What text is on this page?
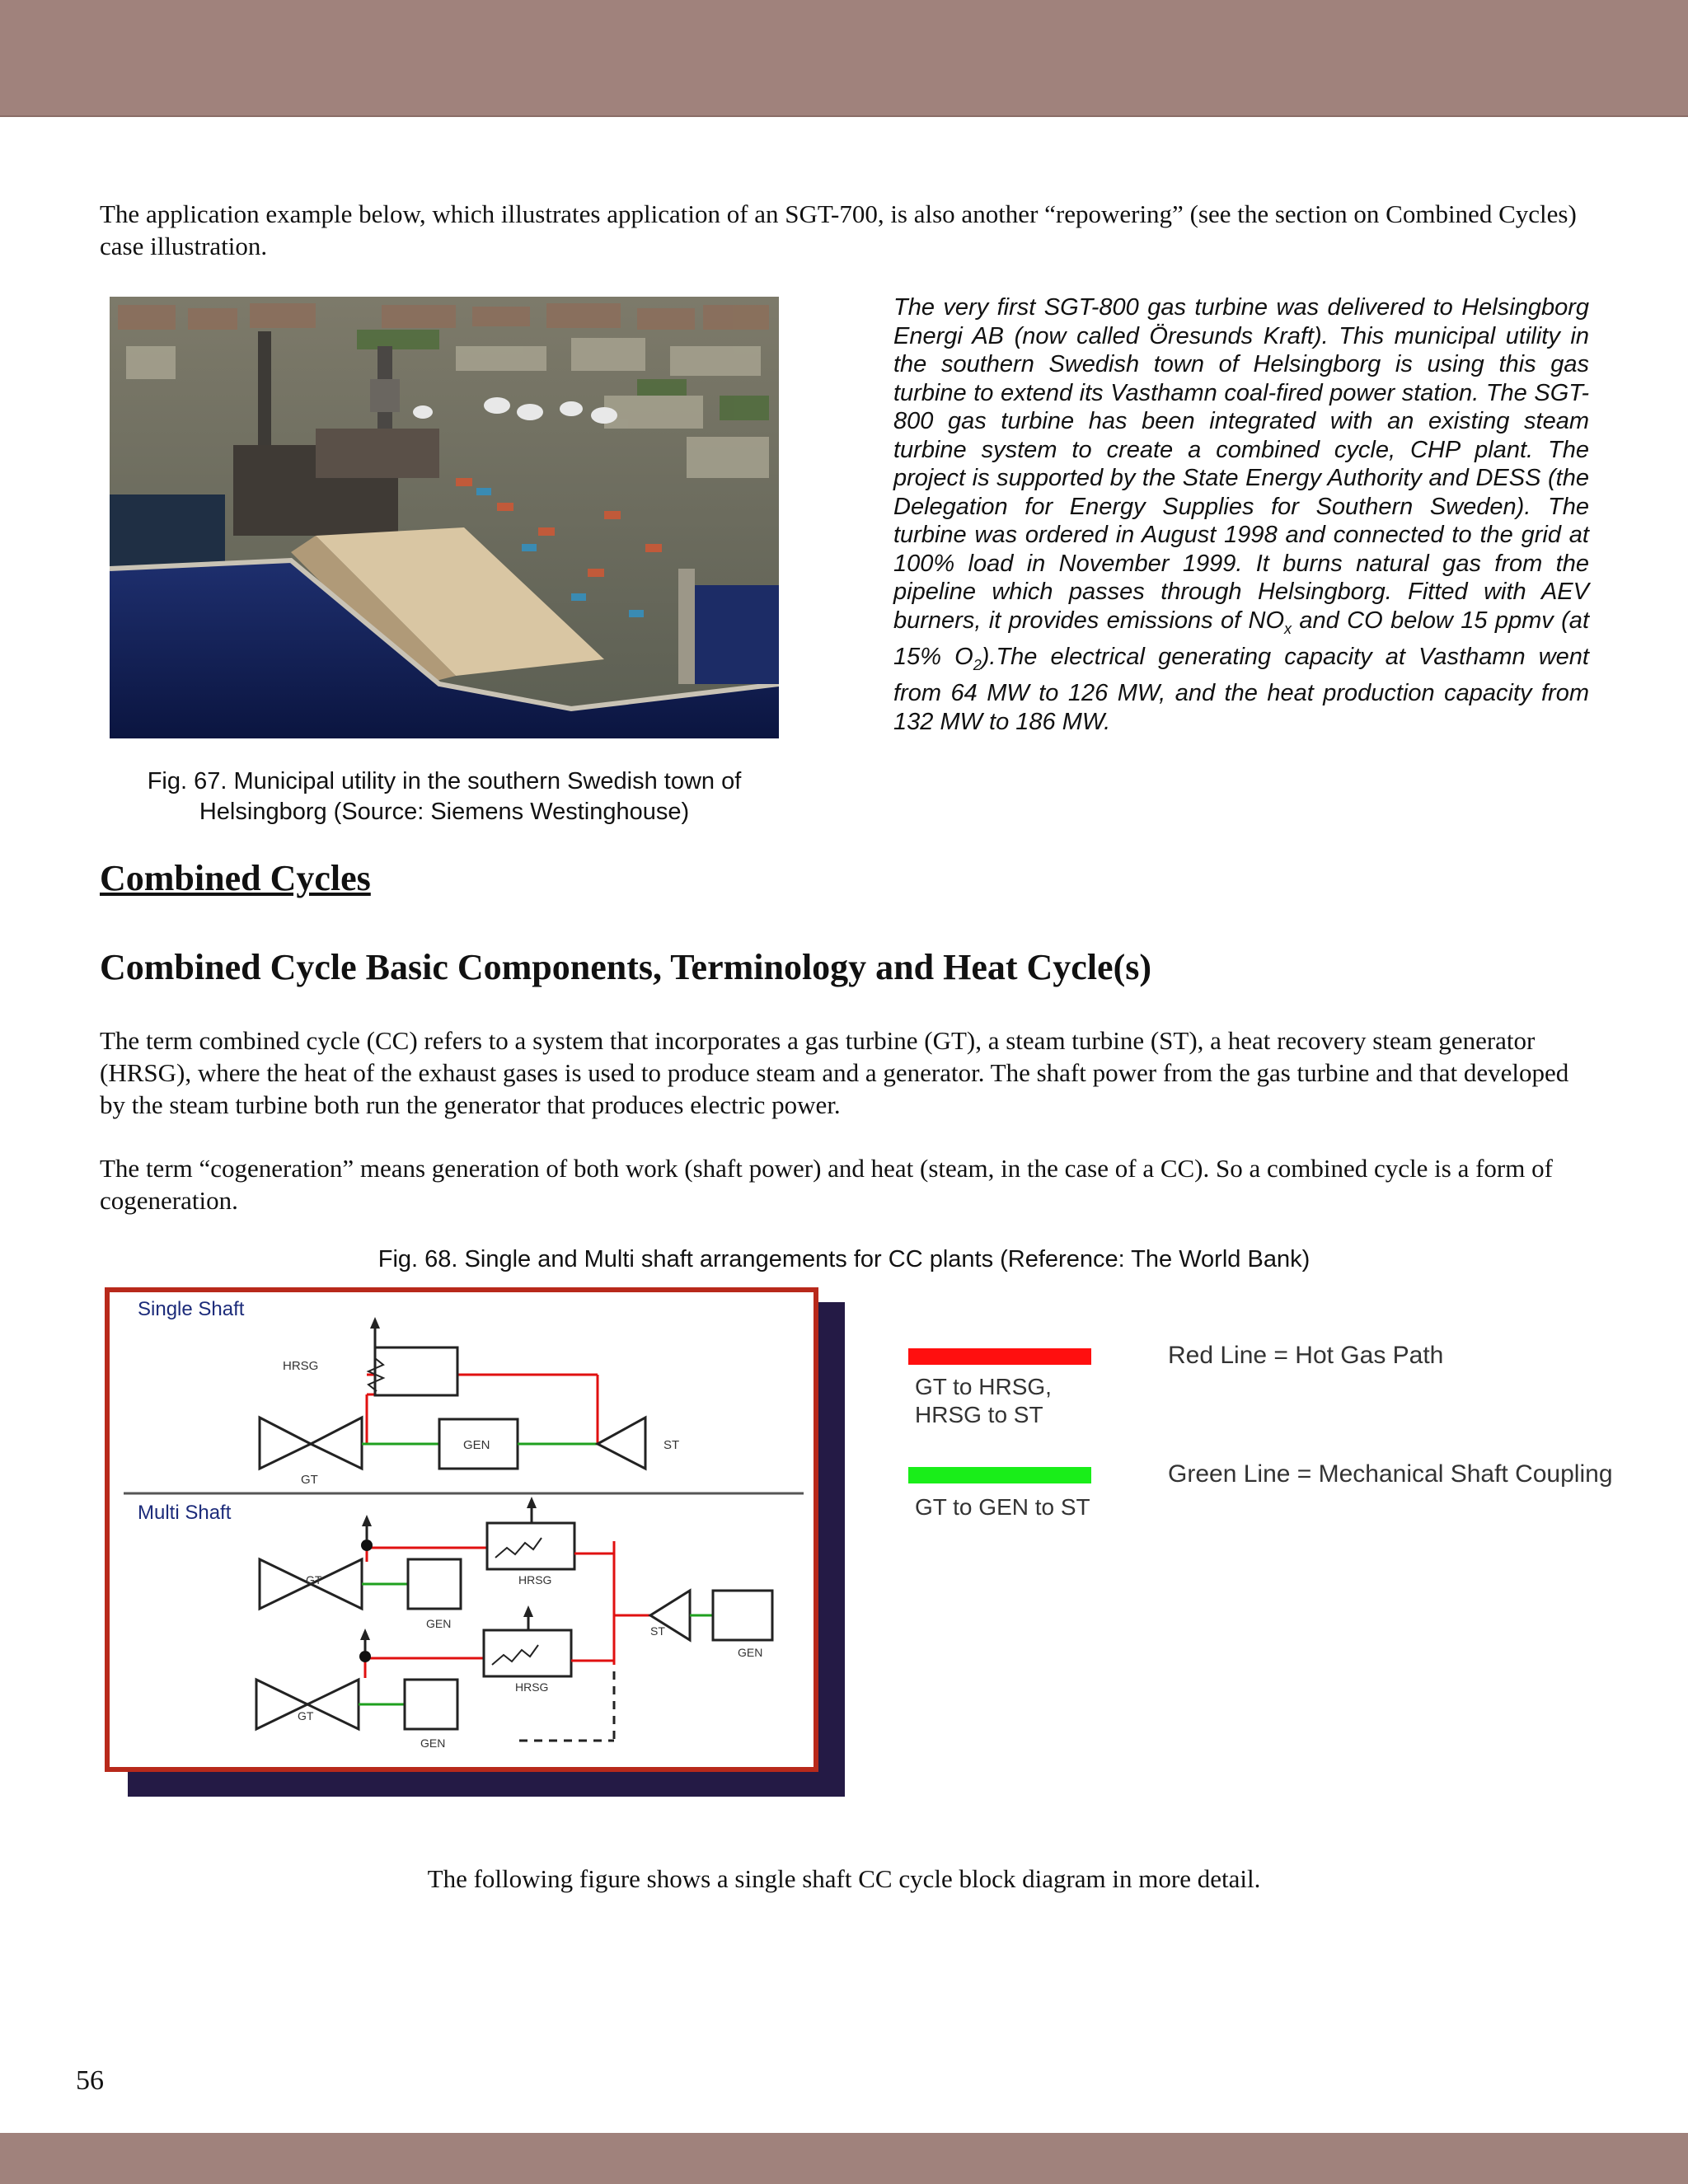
The application example below, which illustrates application of an SGT-700, is also another “repowering” (see the section on Combined Cycles) case illustration.
Fig. 67. Municipal utility in the southern Swedish town of
Helsingborg (Source: Siemens Westinghouse)
The very first SGT-800 gas turbine was delivered to Helsingborg Energi AB (now called Öresunds Kraft). This municipal utility in the southern Swedish town of Helsingborg is using this gas turbine to extend its Vasthamn coal-fired power station. The SGT-800 gas turbine has been integrated with an existing steam turbine system to create a combined cycle, CHP plant. The project is supported by the State Energy Authority and DESS (the Delegation for Energy Supplies for Southern Sweden). The turbine was ordered in August 1998 and connected to the grid at 100% load in November 1999. It burns natural gas from the pipeline which passes through Helsingborg. Fitted with AEV burners, it provides emissions of $NO_x$ and CO below 15 ppmv (at 15% $O_2).The$ electrical generating capacity at Vasthamn went from 64 MW to 126 MW, and the heat production capacity from 132 MW to 186 MW.
Combined Cycles
Combined Cycle Basic Components, Terminology and Heat Cycle(s)
The term combined cycle (CC) refers to a system that incorporates a gas turbine (GT), a steam turbine (ST), a heat recovery steam generator (HRSG), where the heat of the exhaust gases is used to produce steam and a generator. The shaft power from the gas turbine and that developed by the steam turbine both run the generator that produces electric power.
The term “cogeneration” means generation of both work (shaft power) and heat (steam, in the case of a CC). So a combined cycle is a form of cogeneration.
Fig. 68. Single and Multi shaft arrangements for CC plants (Reference: The World Bank)
Single Shaft
Multi Shaft
HRSG
GT
GEN	ST
GT
GEN
HRSG
GT
GEN
HRSG
ST
GEN
GT to HRSG,
HRSG to ST
Red Line = Hot Gas Path
GT to GEN to ST
Green Line = Mechanical Shaft Coupling
The following figure shows a single shaft CC cycle block diagram in more detail.
56
